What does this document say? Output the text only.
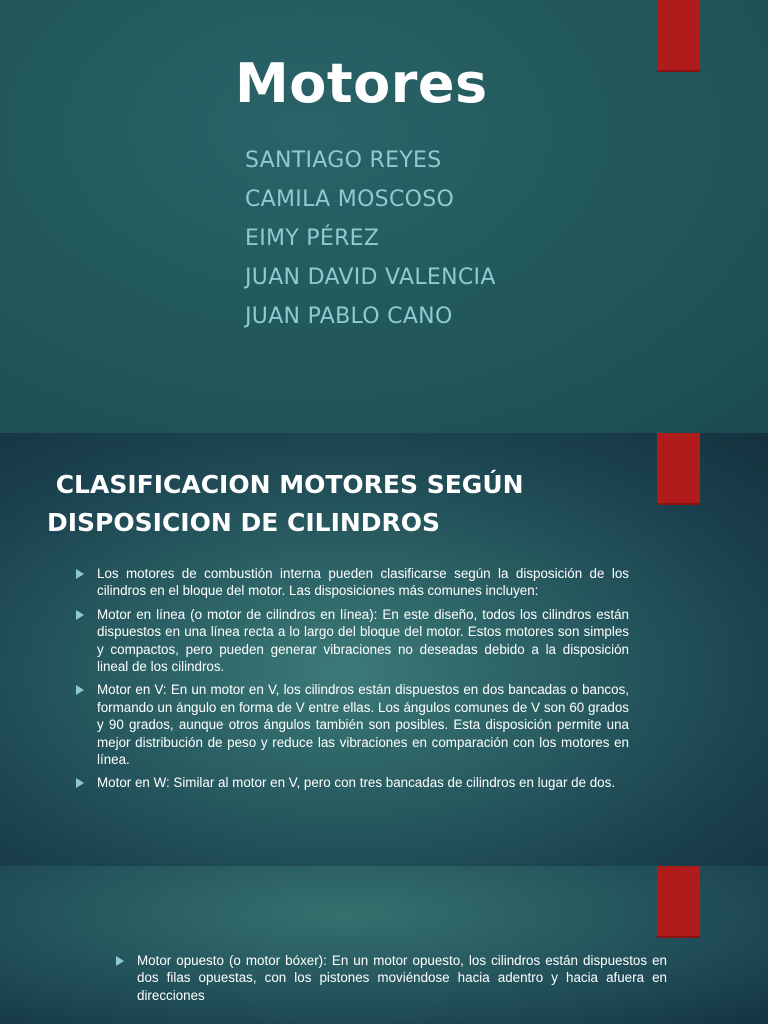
Motores
SANTIAGO REYES
CAMILA MOSCOSO
EIMY PÉREZ
JUAN DAVID VALENCIA
JUAN PABLO CANO
CLASIFICACION MOTORES SEGÚN
DISPOSICION DE CILINDROS
Los motores de combustión interna pueden clasificarse según la disposición de los cilindros en el bloque del motor. Las disposiciones más comunes incluyen:
Motor en línea (o motor de cilindros en línea): En este diseño, todos los cilindros están dispuestos en una línea recta a lo largo del bloque del motor. Estos motores son simples y compactos, pero pueden generar vibraciones no deseadas debido a la disposición lineal de los cilindros.
Motor en V: En un motor en V, los cilindros están dispuestos en dos bancadas o bancos, formando un ángulo en forma de V entre ellas. Los ángulos comunes de V son 60 grados y 90 grados, aunque otros ángulos también son posibles. Esta disposición permite una mejor distribución de peso y reduce las vibraciones en comparación con los motores en línea.
Motor en W: Similar al motor en V, pero con tres bancadas de cilindros en lugar de dos.
Motor opuesto (o motor bóxer): En un motor opuesto, los cilindros están dispuestos en dos filas opuestas, con los pistones moviéndose hacia adentro y hacia afuera en direcciones
